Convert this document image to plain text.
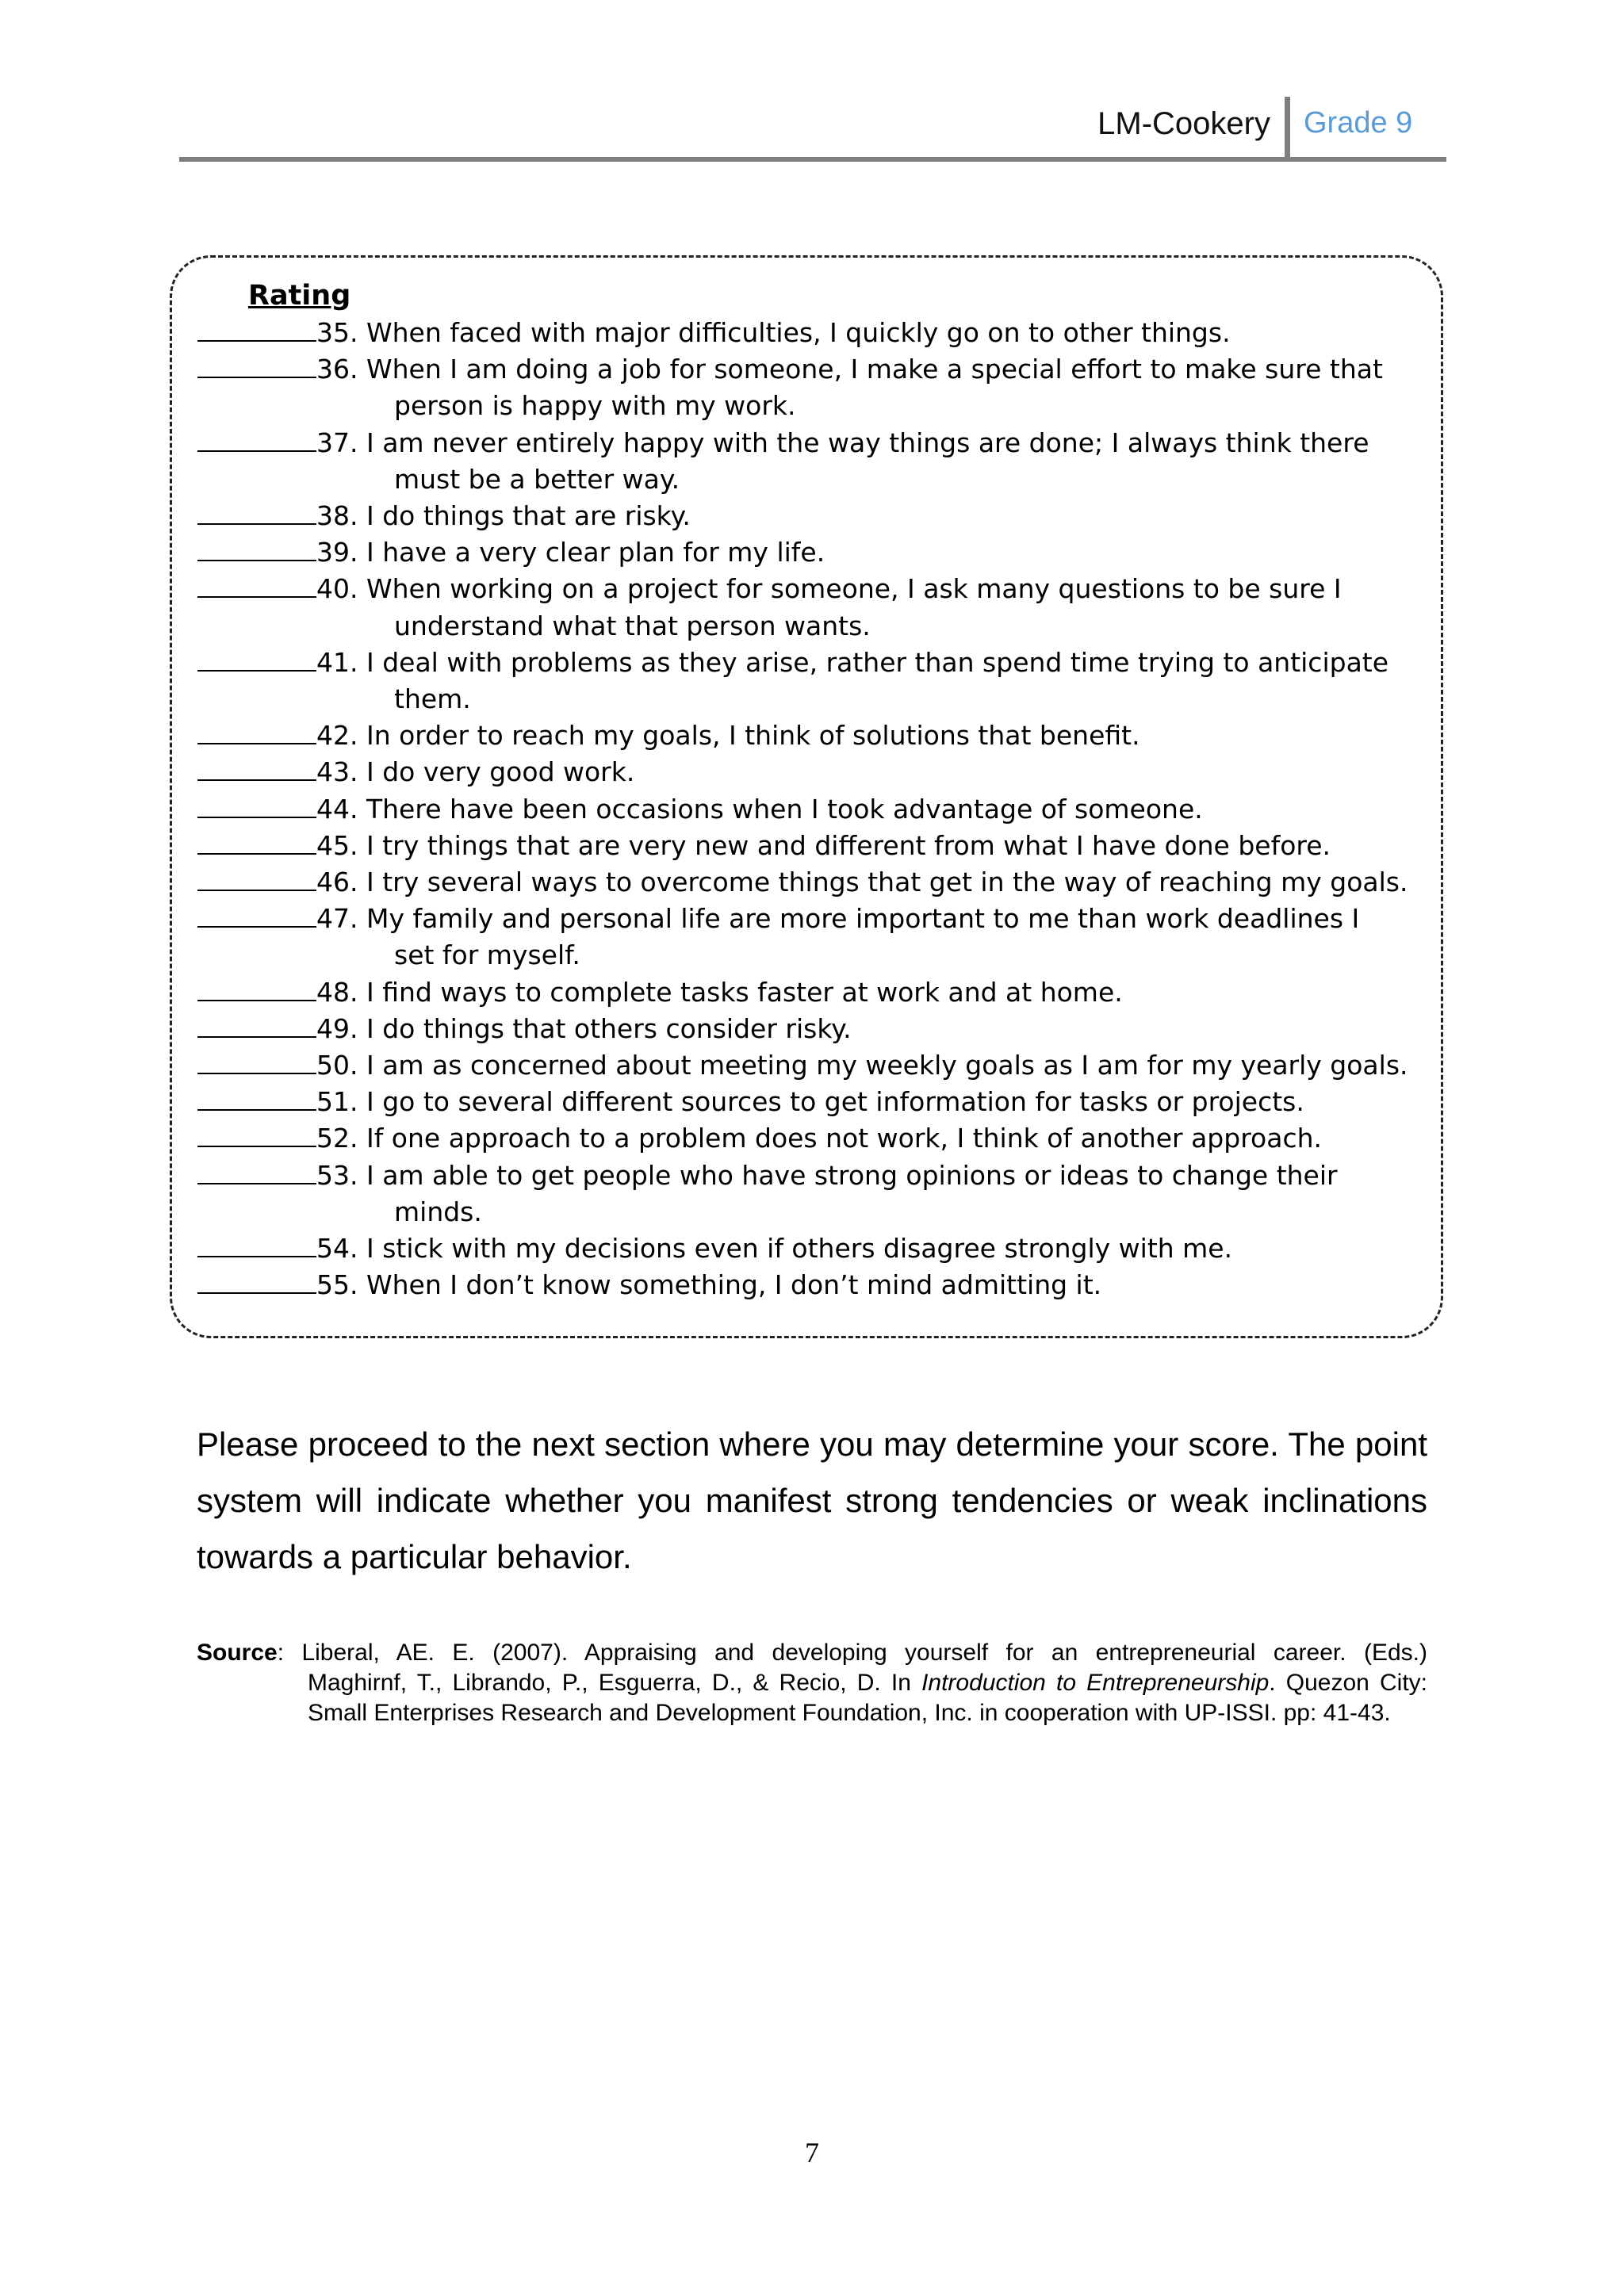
LM-Cookery Grade 9
Rating
35. When faced with major difficulties, I quickly go on to other things.
36. When I am doing a job for someone, I make a special effort to make sure that
person is happy with my work.
37. I am never entirely happy with the way things are done; I always think there
must be a better way.
38. I do things that are risky.
39. I have a very clear plan for my life.
40. When working on a project for someone, I ask many questions to be sure I
understand what that person wants.
41. I deal with problems as they arise, rather than spend time trying to anticipate
them.
42. In order to reach my goals, I think of solutions that benefit.
43. I do very good work.
44. There have been occasions when I took advantage of someone.
45. I try things that are very new and different from what I have done before.
46. I try several ways to overcome things that get in the way of reaching my goals.
47. My family and personal life are more important to me than work deadlines I
set for myself.
48. I find ways to complete tasks faster at work and at home.
49. I do things that others consider risky.
50. I am as concerned about meeting my weekly goals as I am for my yearly goals.
51. I go to several different sources to get information for tasks or projects.
52. If one approach to a problem does not work, I think of another approach.
53. I am able to get people who have strong opinions or ideas to change their
minds.
54. I stick with my decisions even if others disagree strongly with me.
55. When I don’t know something, I don’t mind admitting it.
Please proceed to the next section where you may determine your score. The point system will indicate whether you manifest strong tendencies or weak inclinations towards a particular behavior.
Source: Liberal, AE. E. (2007). Appraising and developing yourself for an entrepreneurial career. (Eds.)
Maghirnf, T., Librando, P., Esguerra, D., & Recio, D. In Introduction to Entrepreneurship. Quezon City:
Small Enterprises Research and Development Foundation, Inc. in cooperation with UP-ISSI. pp: 41-43.
7
